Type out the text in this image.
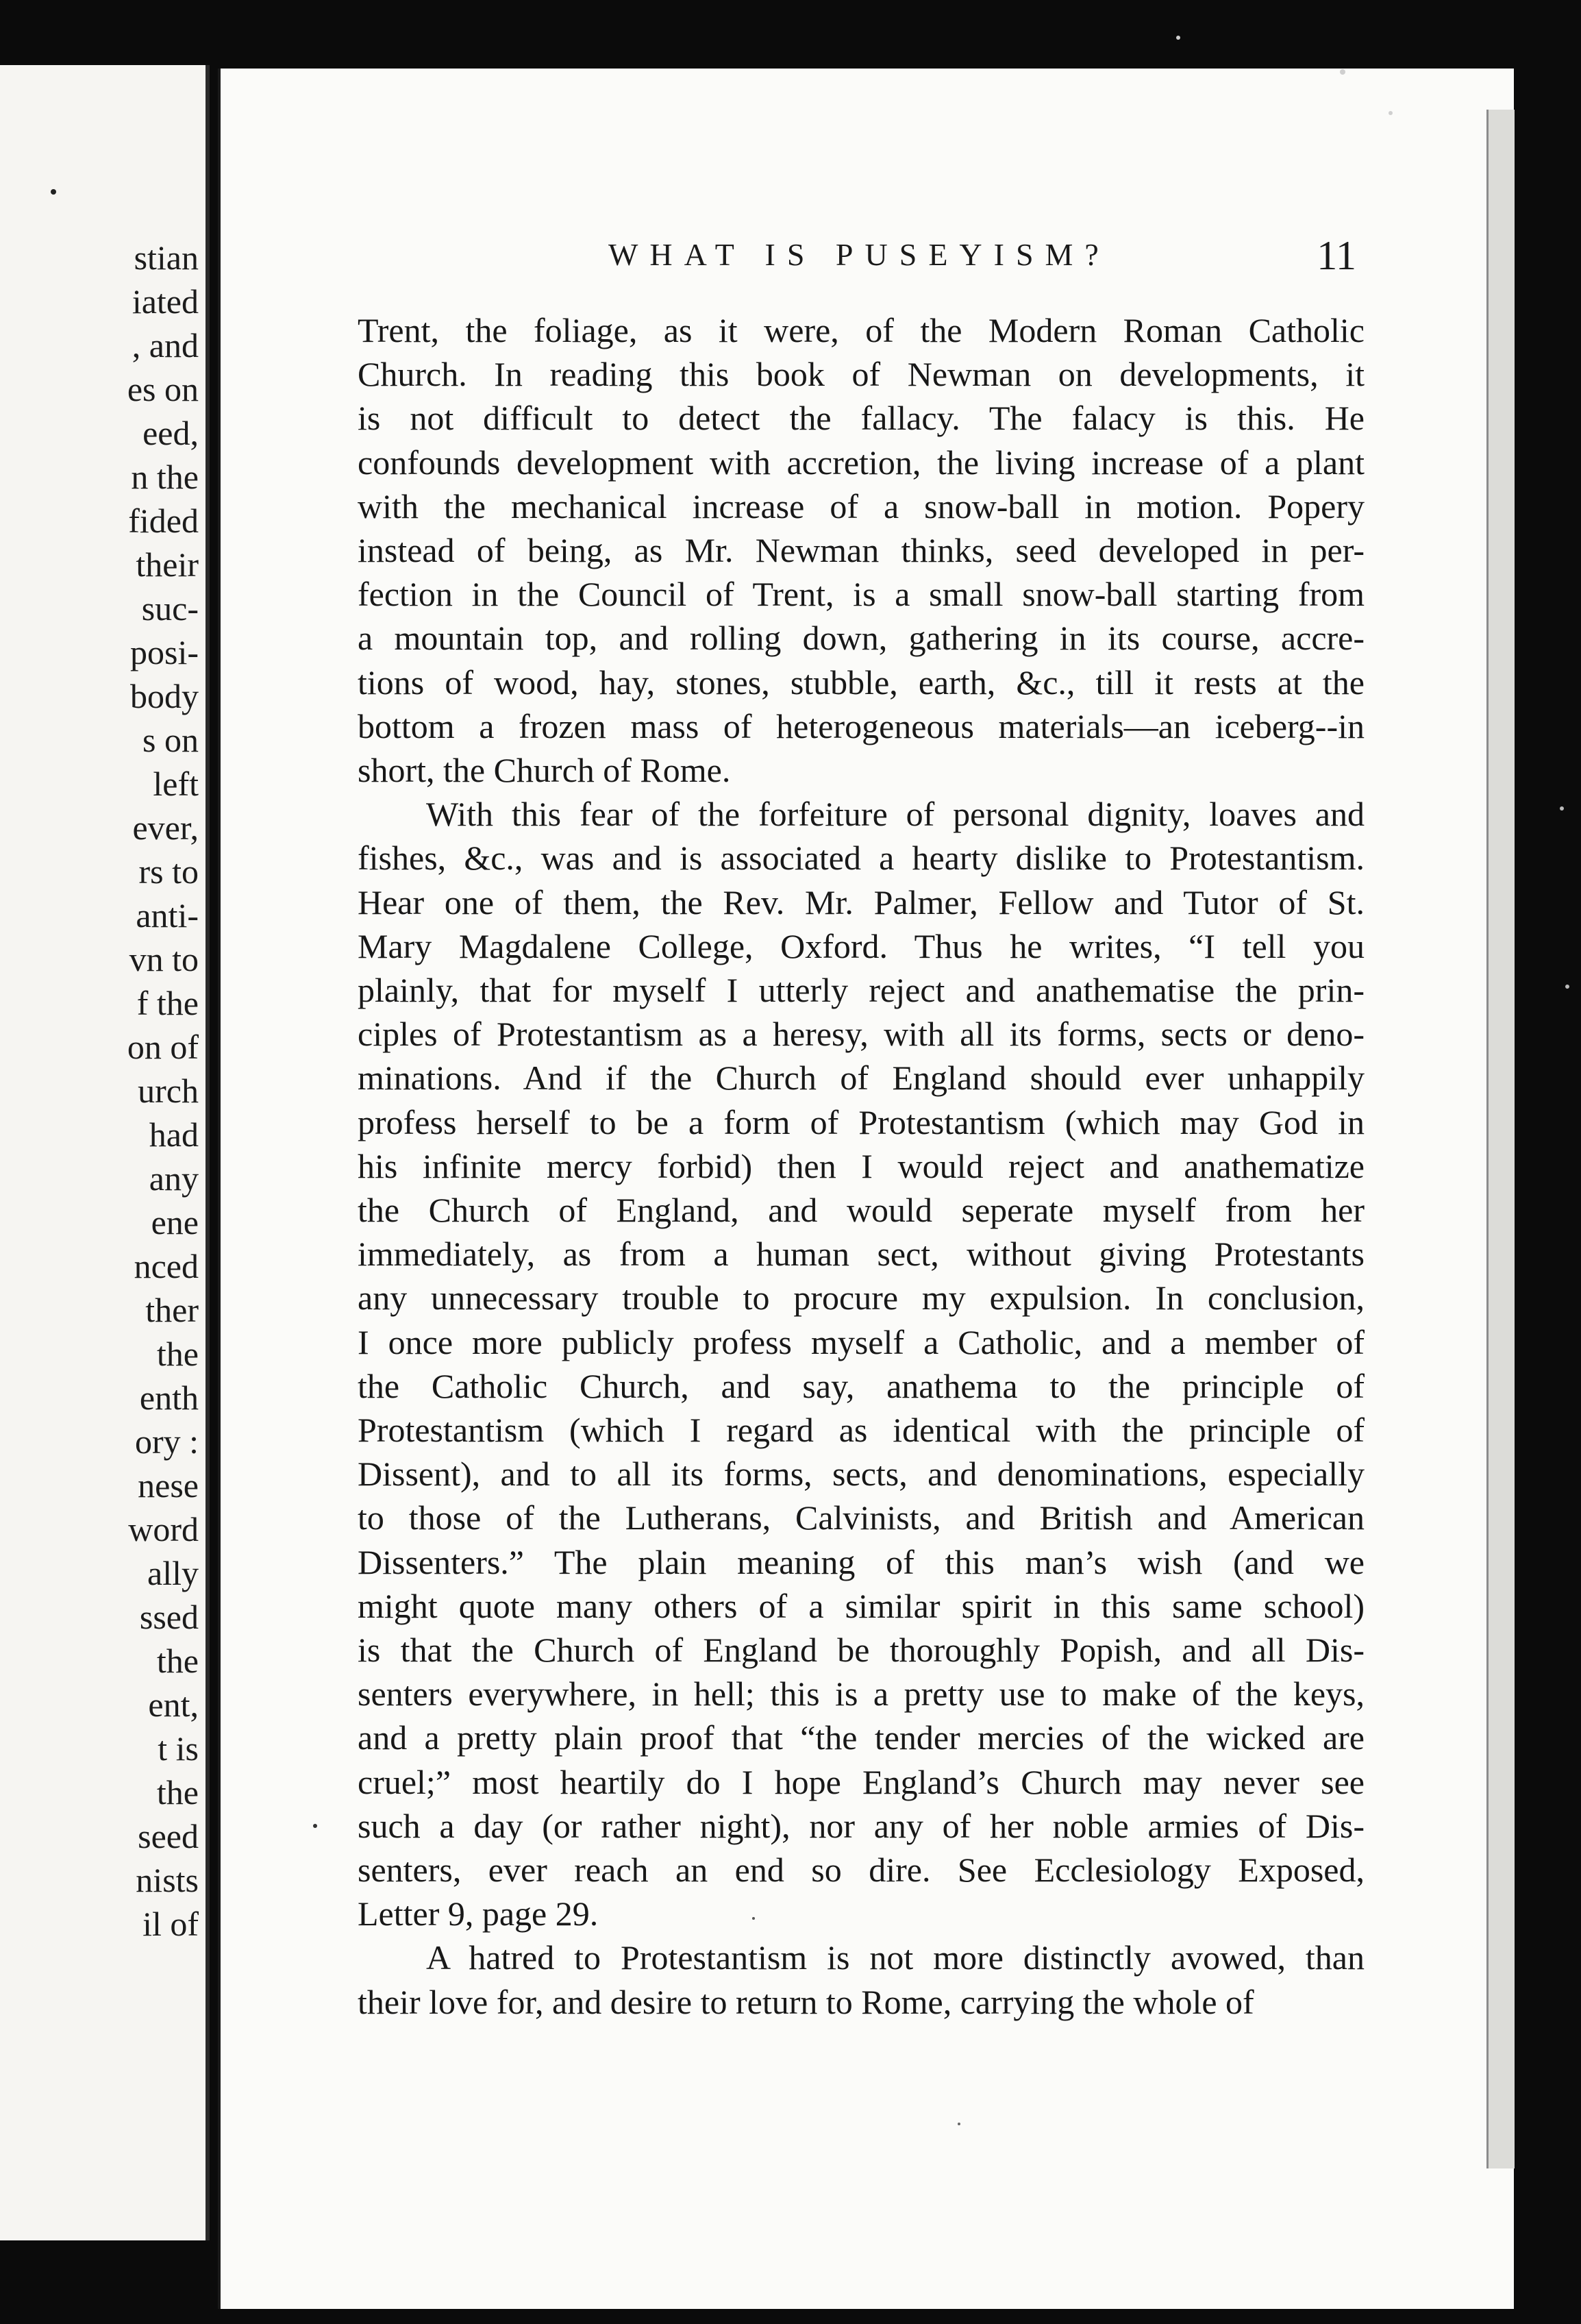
stian
iated
, and
es on
eed,
n the
fided
their
suc-
posi-
body
s on
left
ever,
rs to
anti-
vn to
f the
on of
urch
had
any
ene
nced
ther
the
enth
ory :
nese
word
ally
ssed
the
ent,
t is
the
seed
nists
il of
WHAT IS PUSEYISM?	11
Trent, the foliage, as it were, of the Modern Roman Catholic
Church. In reading this book of Newman on developments, it
is not difficult to detect the fallacy. The falacy is this. He
confounds development with accretion, the living increase of a plant
with the mechanical increase of a snow-ball in motion. Popery
instead of being, as Mr. Newman thinks, seed developed in per-
fection in the Council of Trent, is a small snow-ball starting from
a mountain top, and rolling down, gathering in its course, accre-
tions of wood, hay, stones, stubble, earth, &c., till it rests at the
bottom a frozen mass of heterogeneous materials—an iceberg--in
short, the Church of Rome.
With this fear of the forfeiture of personal dignity, loaves and
fishes, &c., was and is associated a hearty dislike to Protestantism.
Hear one of them, the Rev. Mr. Palmer, Fellow and Tutor of St.
Mary Magdalene College, Oxford. Thus he writes, “I tell you
plainly, that for myself I utterly reject and anathematise the prin-
ciples of Protestantism as a heresy, with all its forms, sects or deno-
minations. And if the Church of England should ever unhappily
profess herself to be a form of Protestantism (which may God in
his infinite mercy forbid) then I would reject and anathematize
the Church of England, and would seperate myself from her
immediately, as from a human sect, without giving Protestants
any unnecessary trouble to procure my expulsion. In conclusion,
I once more publicly profess myself a Catholic, and a member of
the Catholic Church, and say, anathema to the principle of
Protestantism (which I regard as identical with the principle of
Dissent), and to all its forms, sects, and denominations, especially
to those of the Lutherans, Calvinists, and British and American
Dissenters.” The plain meaning of this man’s wish (and we
might quote many others of a similar spirit in this same school)
is that the Church of England be thoroughly Popish, and all Dis-
senters everywhere, in hell; this is a pretty use to make of the keys,
and a pretty plain proof that “the tender mercies of the wicked are
cruel;” most heartily do I hope England’s Church may never see
such a day (or rather night), nor any of her noble armies of Dis-
senters, ever reach an end so dire. See Ecclesiology Exposed,
Letter 9, page 29.
A hatred to Protestantism is not more distinctly avowed, than
their love for, and desire to return to Rome, carrying the whole of
